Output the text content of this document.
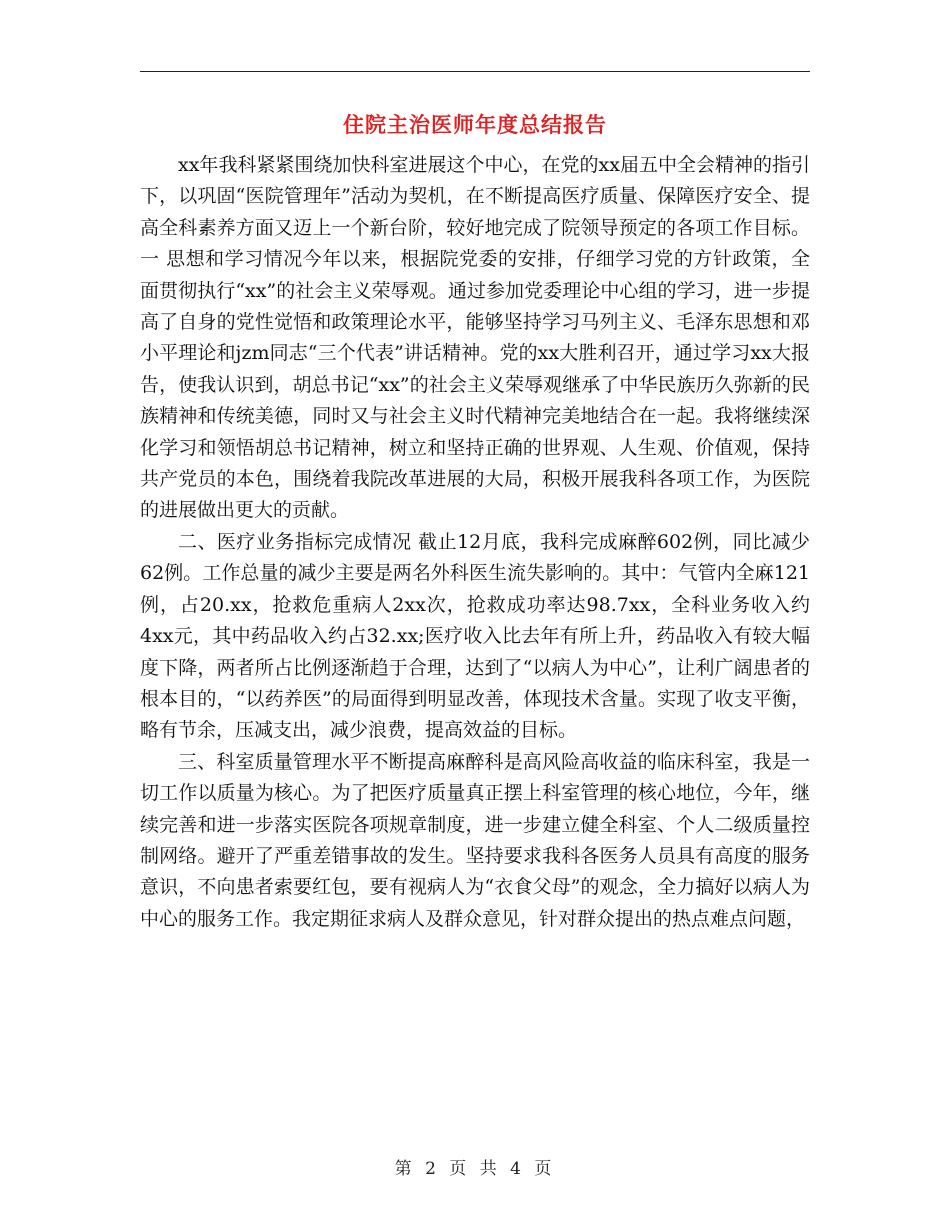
住院主治医师年度总结报告

xx年我科紧紧围绕加快科室进展这个中心，在党的xx届五中全会精神的指引下，以巩固“医院管理年”活动为契机，在不断提高医疗质量、保障医疗安全、提高全科素养方面又迈上一个新台阶，较好地完成了院领导预定的各项工作目标。一 思想和学习情况今年以来，根据院党委的安排，仔细学习党的方针政策，全面贯彻执行“xx”的社会主义荣辱观。通过参加党委理论中心组的学习，进一步提高了自身的党性觉悟和政策理论水平，能够坚持学习马列主义、毛泽东思想和邓小平理论和jzm同志“三个代表”讲话精神。党的xx大胜利召开，通过学习xx大报告，使我认识到，胡总书记“xx”的社会主义荣辱观继承了中华民族历久弥新的民族精神和传统美德，同时又与社会主义时代精神完美地结合在一起。我将继续深化学习和领悟胡总书记精神，树立和坚持正确的世界观、人生观、价值观，保持共产党员的本色，围绕着我院改革进展的大局，积极开展我科各项工作，为医院的进展做出更大的贡献。

二、医疗业务指标完成情况 截止12月底，我科完成麻醉602例，同比减少62例。工作总量的减少主要是两名外科医生流失影响的。其中：气管内全麻121例，占20.xx，抢救危重病人2xx次，抢救成功率达98.7xx，全科业务收入约4xx元，其中药品收入约占32.xx;医疗收入比去年有所上升，药品收入有较大幅度下降，两者所占比例逐渐趋于合理，达到了“以病人为中心”，让利广阔患者的根本目的，“以药养医”的局面得到明显改善，体现技术含量。实现了收支平衡，略有节余，压减支出，减少浪费，提高效益的目标。

三、科室质量管理水平不断提高麻醉科是高风险高收益的临床科室，我是一切工作以质量为核心。为了把医疗质量真正摆上科室管理的核心地位，今年，继续完善和进一步落实医院各项规章制度，进一步建立健全科室、个人二级质量控制网络。避开了严重差错事故的发生。坚持要求我科各医务人员具有高度的服务意识，不向患者索要红包，要有视病人为“衣食父母”的观念，全力搞好以病人为中心的服务工作。我定期征求病人及群众意见，针对群众提出的热点难点问题，

第 2 页 共 4 页
